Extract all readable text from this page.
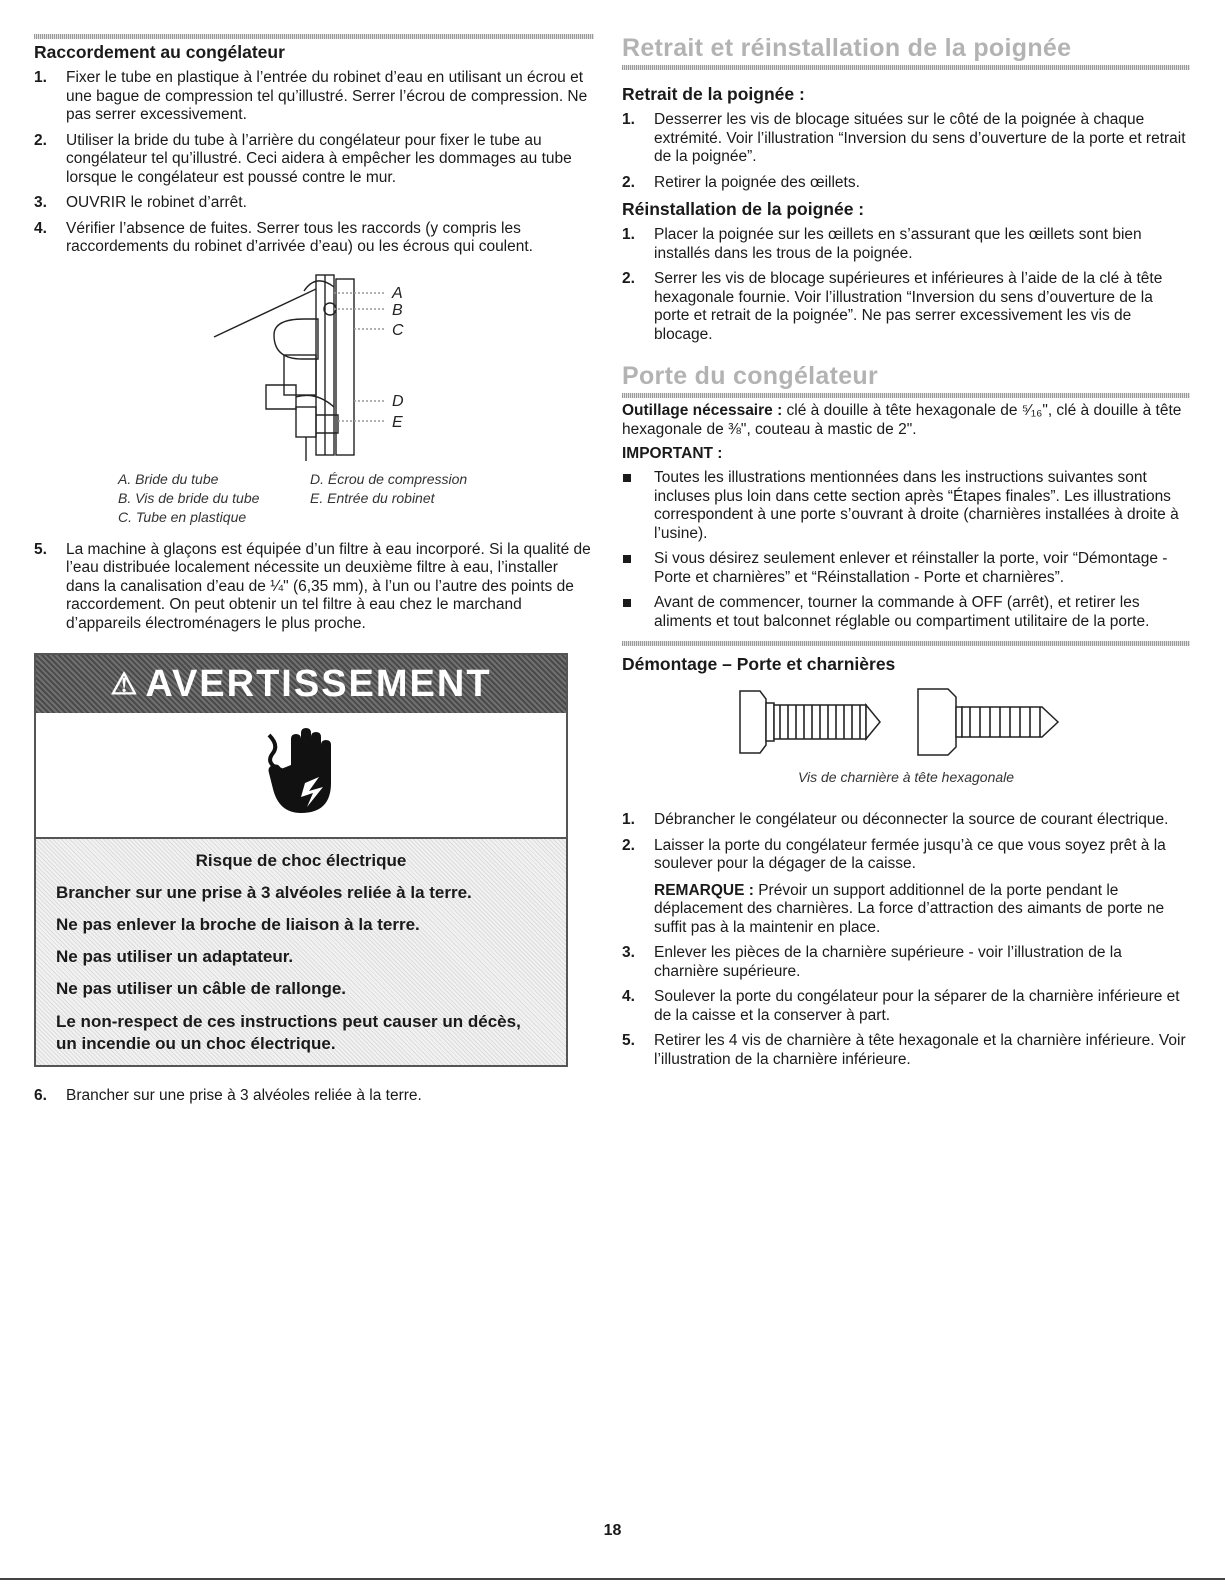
Raccordement au congélateur
1. Fixer le tube en plastique à l’entrée du robinet d’eau en utilisant un écrou et une bague de compression tel qu’illustré. Serrer l’écrou de compression. Ne pas serrer excessivement.
2. Utiliser la bride du tube à l’arrière du congélateur pour fixer le tube au congélateur tel qu’illustré. Ceci aidera à empêcher les dommages au tube lorsque le congélateur est poussé contre le mur.
3. OUVRIR le robinet d’arrêt.
4. Vérifier l’absence de fuites. Serrer tous les raccords (y compris les raccordements du robinet d’arrivée d’eau) ou les écrous qui coulent.
A
B
C
D
E
A. Bride du tube	D. Écrou de compression
B. Vis de bride du tube	E. Entrée du robinet
C. Tube en plastique
5. La machine à glaçons est équipée d’un filtre à eau incorporé. Si la qualité de l’eau distribuée localement nécessite un deuxième filtre à eau, l’installer dans la canalisation d’eau de ¼" (6,35 mm), à l’un ou l’autre des points de raccordement. On peut obtenir un tel filtre à eau chez le marchand d’appareils électroménagers le plus proche.
⚠ AVERTISSEMENT
Risque de choc électrique
Brancher sur une prise à 3 alvéoles reliée à la terre.
Ne pas enlever la broche de liaison à la terre.
Ne pas utiliser un adaptateur.
Ne pas utiliser un câble de rallonge.
Le non-respect de ces instructions peut causer un décès, un incendie ou un choc électrique.
6. Brancher sur une prise à 3 alvéoles reliée à la terre.
Retrait et réinstallation de la poignée
Retrait de la poignée :
1. Desserrer les vis de blocage situées sur le côté de la poignée à chaque extrémité. Voir l’illustration “Inversion du sens d’ouverture de la porte et retrait de la poignée”.
2. Retirer la poignée des œillets.
Réinstallation de la poignée :
1. Placer la poignée sur les œillets en s’assurant que les œillets sont bien installés dans les trous de la poignée.
2. Serrer les vis de blocage supérieures et inférieures à l’aide de la clé à tête hexagonale fournie. Voir l’illustration “Inversion du sens d’ouverture de la porte et retrait de la poignée”. Ne pas serrer excessivement les vis de blocage.
Porte du congélateur

Outillage nécessaire : clé à douille à tête hexagonale de ⁵⁄₁₆", clé à douille à tête hexagonale de ⅜", couteau à mastic de 2".

IMPORTANT :
Toutes les illustrations mentionnées dans les instructions suivantes sont incluses plus loin dans cette section après “Étapes finales”. Les illustrations correspondent à une porte s’ouvrant à droite (charnières installées à droite à l’usine).
Si vous désirez seulement enlever et réinstaller la porte, voir “Démontage - Porte et charnières” et “Réinstallation - Porte et charnières”.
Avant de commencer, tourner la commande à OFF (arrêt), et retirer les aliments et tout balconnet réglable ou compartiment utilitaire de la porte.
Démontage – Porte et charnières
Vis de charnière à tête hexagonale
1. Débrancher le congélateur ou déconnecter la source de courant électrique.
2. Laisser la porte du congélateur fermée jusqu’à ce que vous soyez prêt à la soulever pour la dégager de la caisse.
REMARQUE : Prévoir un support additionnel de la porte pendant le déplacement des charnières. La force d’attraction des aimants de porte ne suffit pas à la maintenir en place.
3. Enlever les pièces de la charnière supérieure - voir l’illustration de la charnière supérieure.
4. Soulever la porte du congélateur pour la séparer de la charnière inférieure et de la caisse et la conserver à part.
5. Retirer les 4 vis de charnière à tête hexagonale et la charnière inférieure. Voir l’illustration de la charnière inférieure.
18
